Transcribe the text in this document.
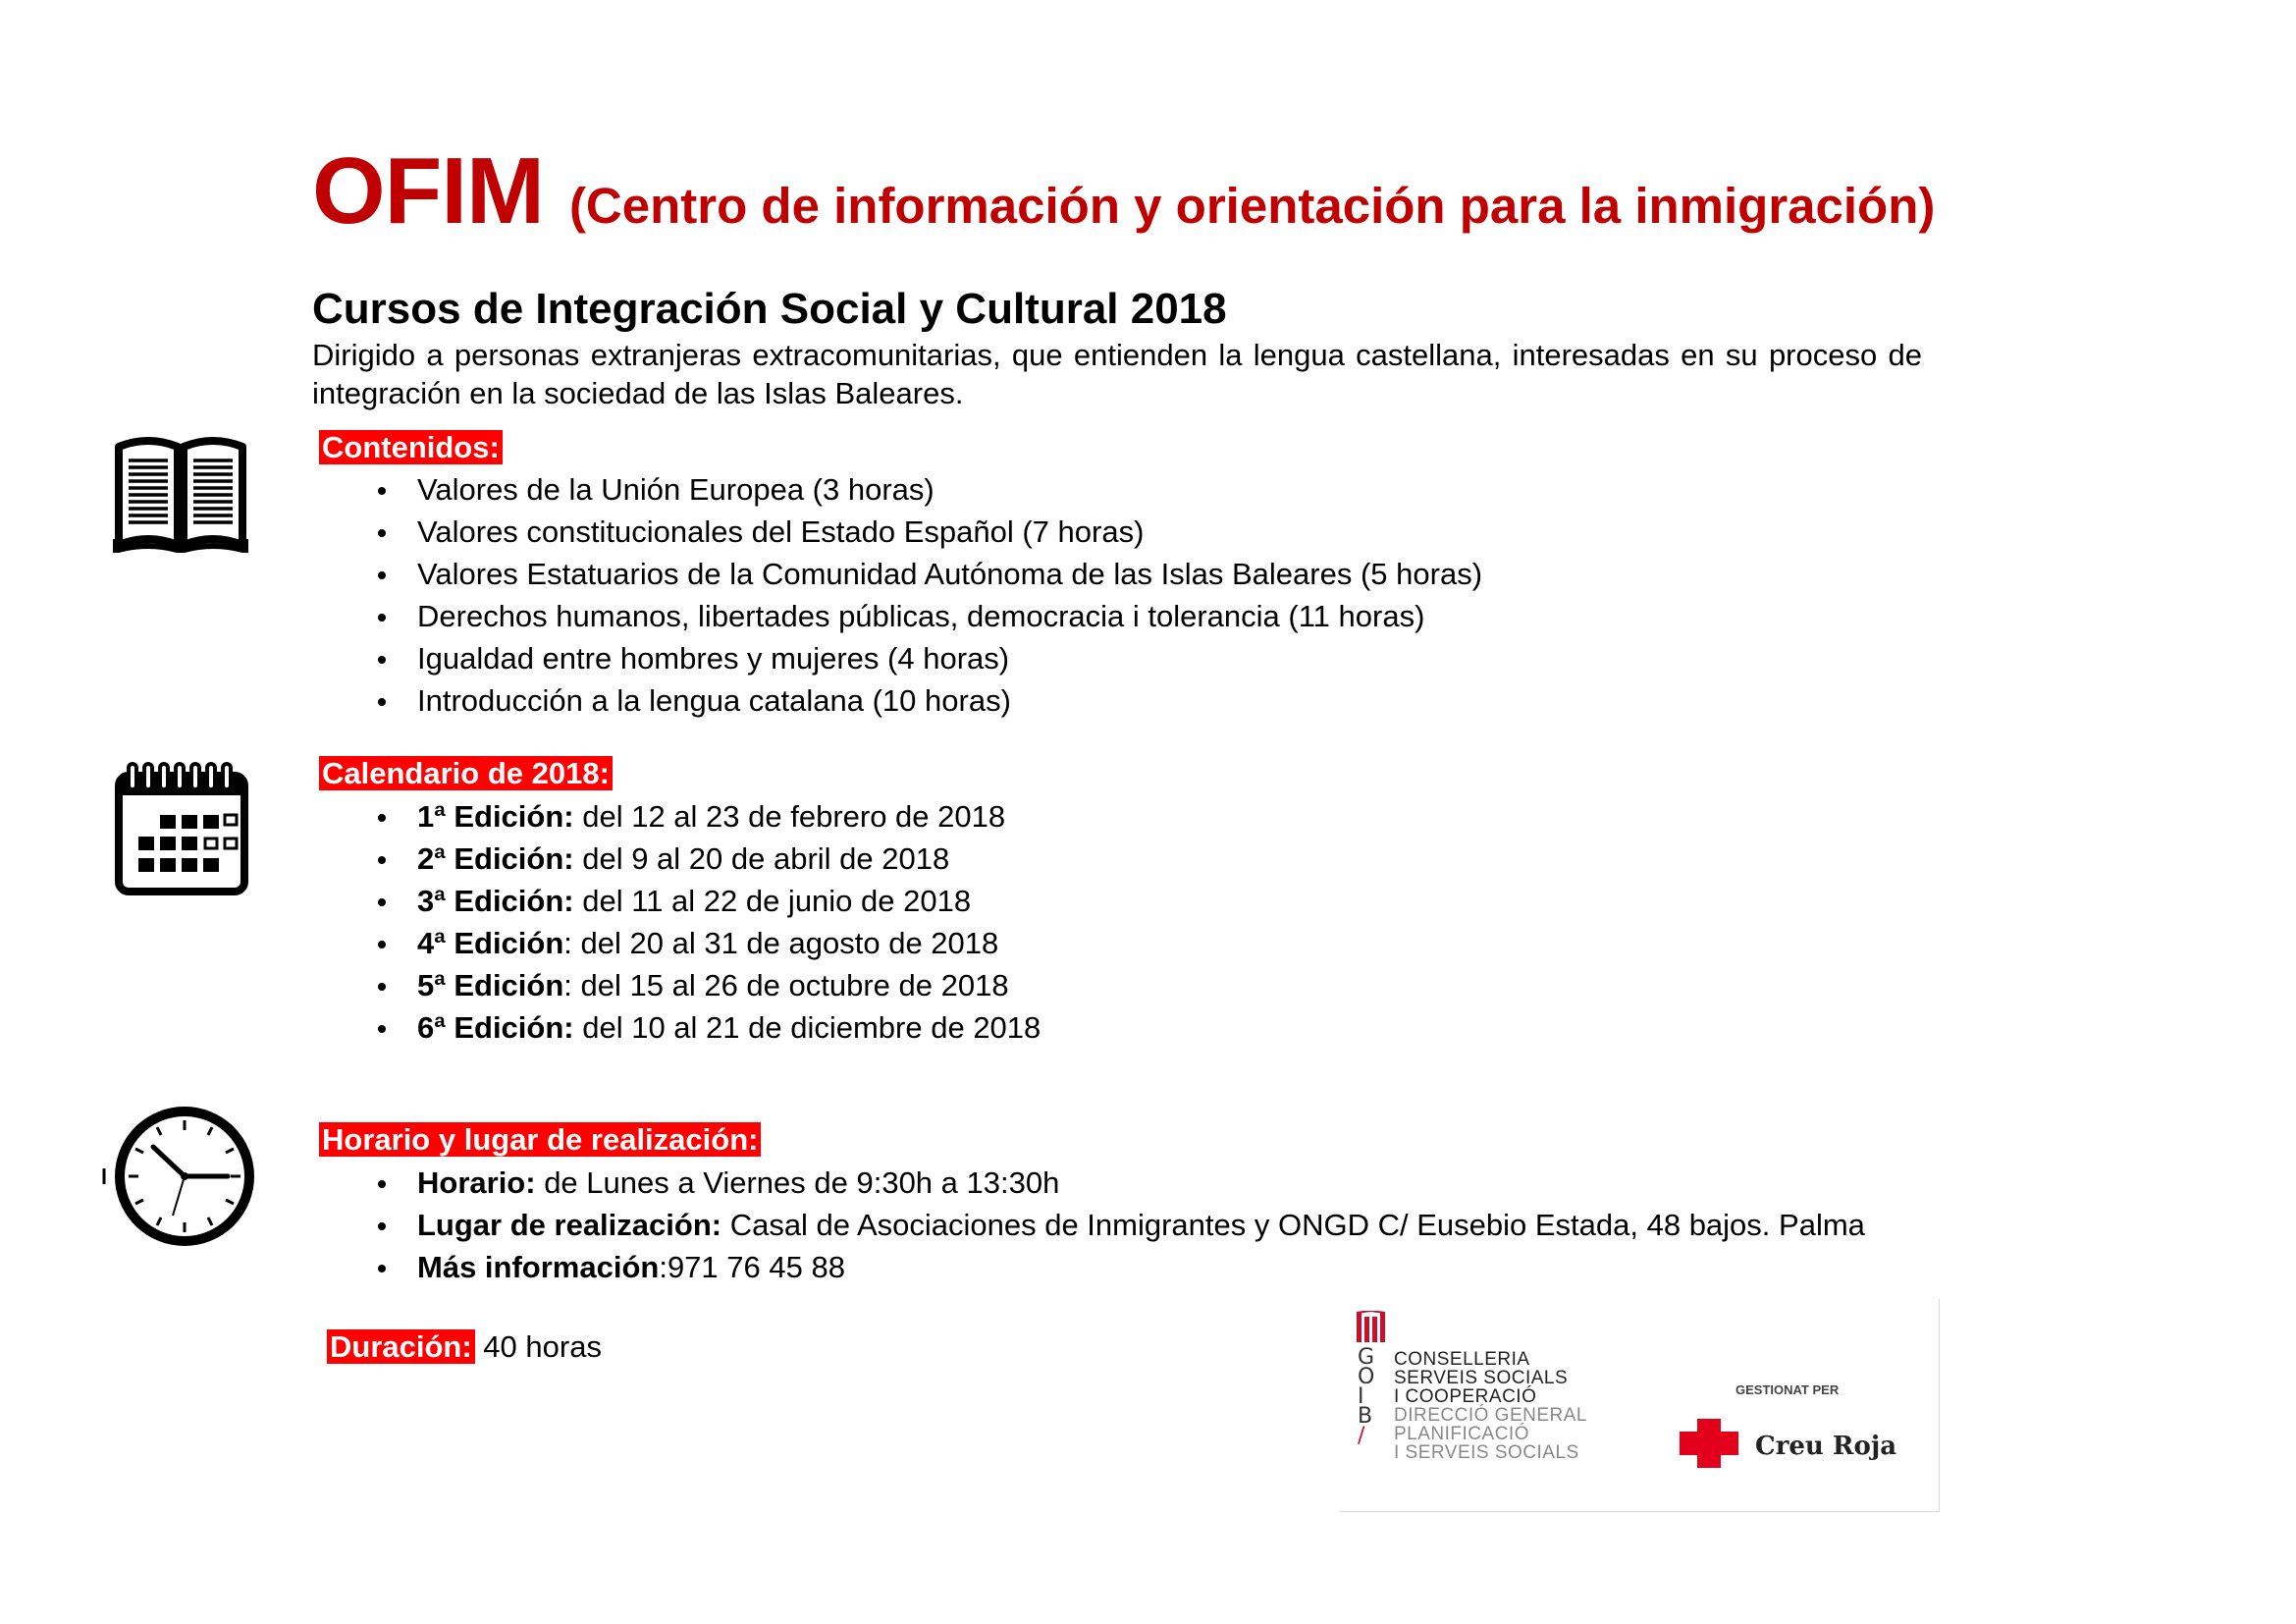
OFIM (Centro de información y orientación para la inmigración)
Cursos de Integración Social y Cultural 2018
Dirigido a personas extranjeras extracomunitarias, que entienden la lengua castellana, interesadas en su proceso de integración en la sociedad de las Islas Baleares.
Contenidos:
Valores de la Unión Europea (3 horas)
Valores constitucionales del Estado Español (7 horas)
Valores Estatuarios de la Comunidad Autónoma de las Islas Baleares (5 horas)
Derechos humanos, libertades públicas, democracia i tolerancia (11 horas)
Igualdad entre hombres y mujeres (4 horas)
Introducción a la lengua catalana (10 horas)
Calendario de 2018:
1ª Edición: del 12 al 23 de febrero de 2018
2ª Edición: del 9 al 20 de abril de 2018
3ª Edición: del 11 al 22 de junio de 2018
4ª Edición: del 20 al 31 de agosto de 2018
5ª Edición: del 15 al 26 de octubre de 2018
6ª Edición: del 10 al 21 de diciembre de 2018
Horario y lugar de realización:
Horario: de Lunes a Viernes de 9:30h a 13:30h
Lugar de realización: Casal de Asociaciones de Inmigrantes y ONGD C/ Eusebio Estada, 48 bajos. Palma
Más información:971 76 45 88
Duración: 40 horas	G
O
I
B
/
CONSELLERIA
SERVEIS SOCIALS
I COOPERACIÓ
DIRECCIÓ GENERAL
PLANIFICACIÓ
I SERVEIS SOCIALS
GESTIONAT PER
Creu Roja
